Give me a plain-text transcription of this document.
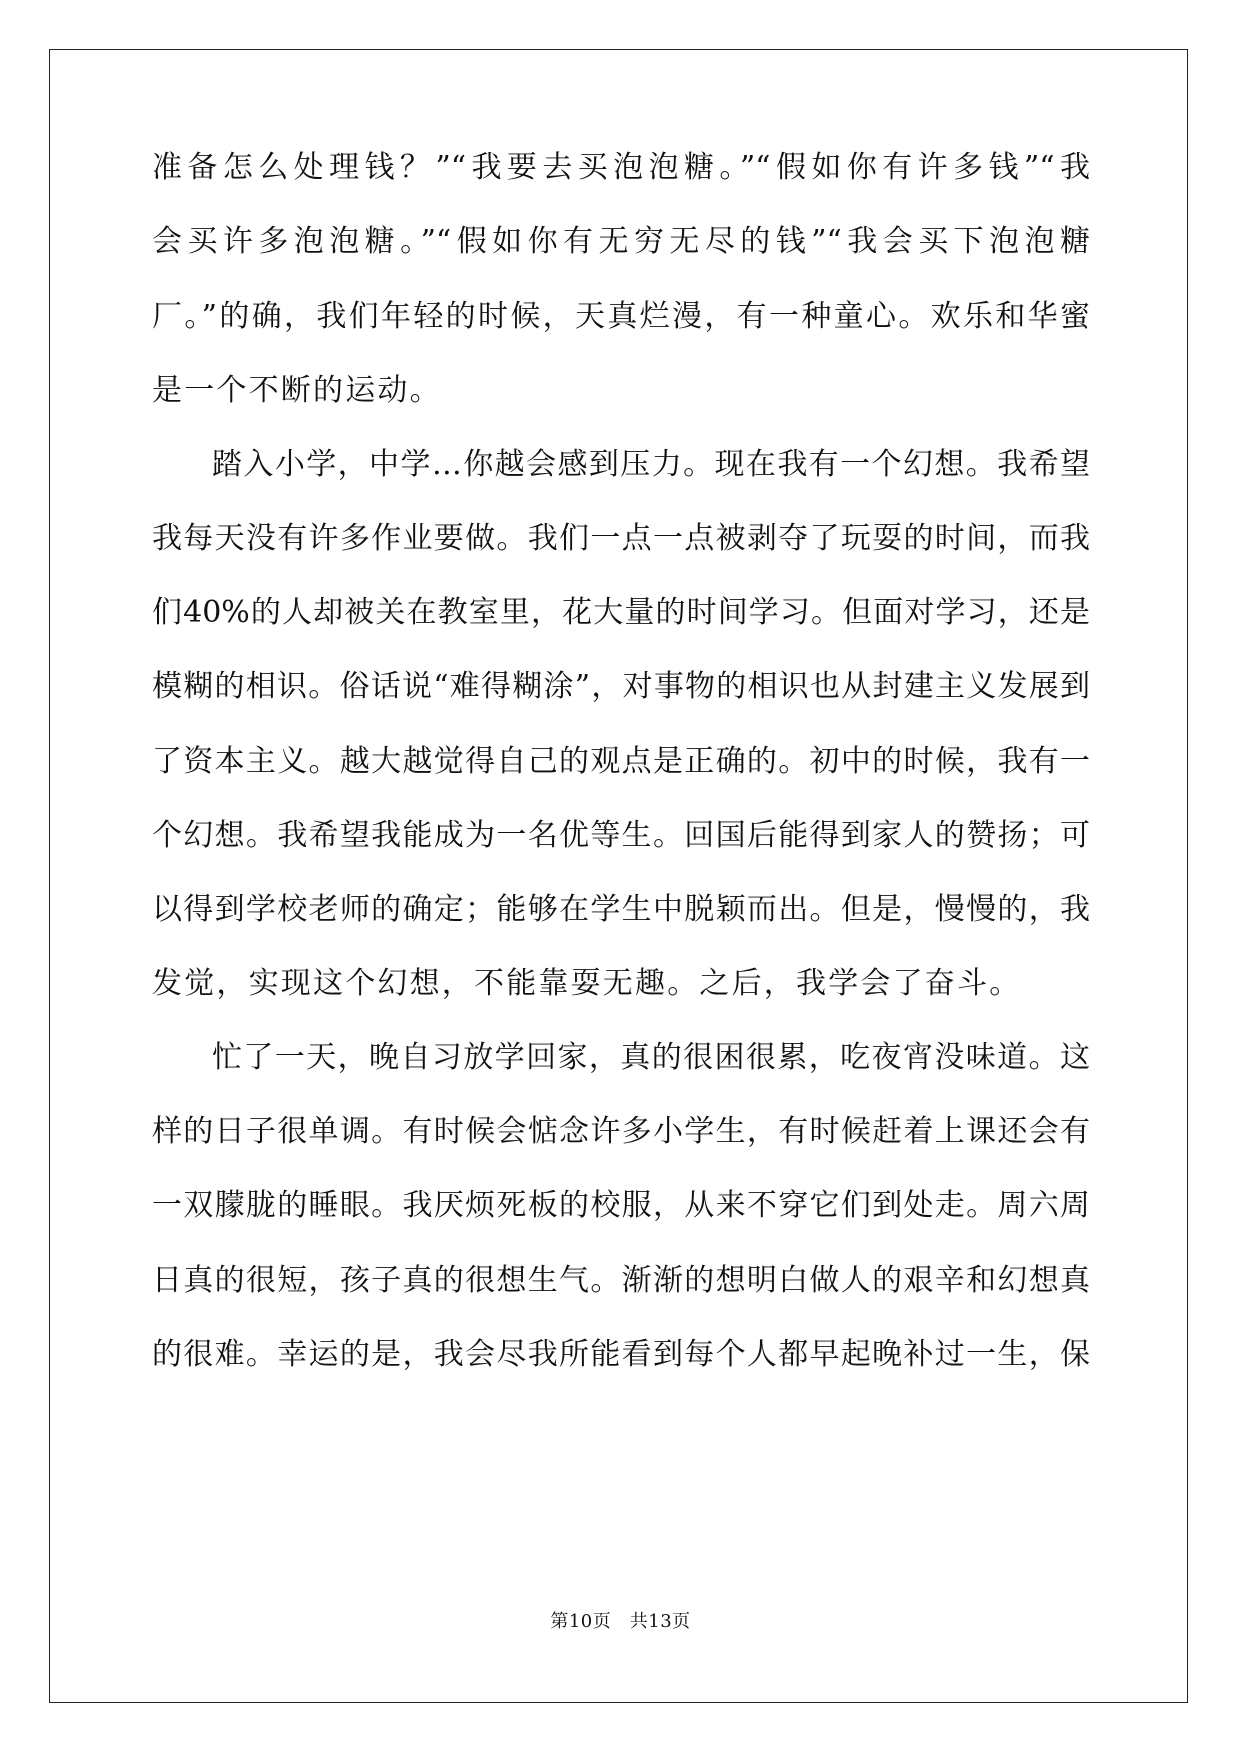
准备怎么处理钱？”“我要去买泡泡糖。”“假如你有许多钱”“我
会买许多泡泡糖。”“假如你有无穷无尽的钱”“我会买下泡泡糖
厂。”的确，我们年轻的时候，天真烂漫，有一种童心。欢乐和华蜜
是一个不断的运动。
踏入小学，中学…你越会感到压力。现在我有一个幻想。我希望
我每天没有许多作业要做。我们一点一点被剥夺了玩耍的时间，而我
们40%的人却被关在教室里，花大量的时间学习。但面对学习，还是
模糊的相识。俗话说“难得糊涂”，对事物的相识也从封建主义发展到
了资本主义。越大越觉得自己的观点是正确的。初中的时候，我有一
个幻想。我希望我能成为一名优等生。回国后能得到家人的赞扬；可
以得到学校老师的确定；能够在学生中脱颖而出。但是，慢慢的，我
发觉，实现这个幻想，不能靠耍无趣。之后，我学会了奋斗。
忙了一天，晚自习放学回家，真的很困很累，吃夜宵没味道。这
样的日子很单调。有时候会惦念许多小学生，有时候赶着上课还会有
一双朦胧的睡眼。我厌烦死板的校服，从来不穿它们到处走。周六周
日真的很短，孩子真的很想生气。渐渐的想明白做人的艰辛和幻想真
的很难。幸运的是，我会尽我所能看到每个人都早起晚补过一生，保
第10页　共13页
